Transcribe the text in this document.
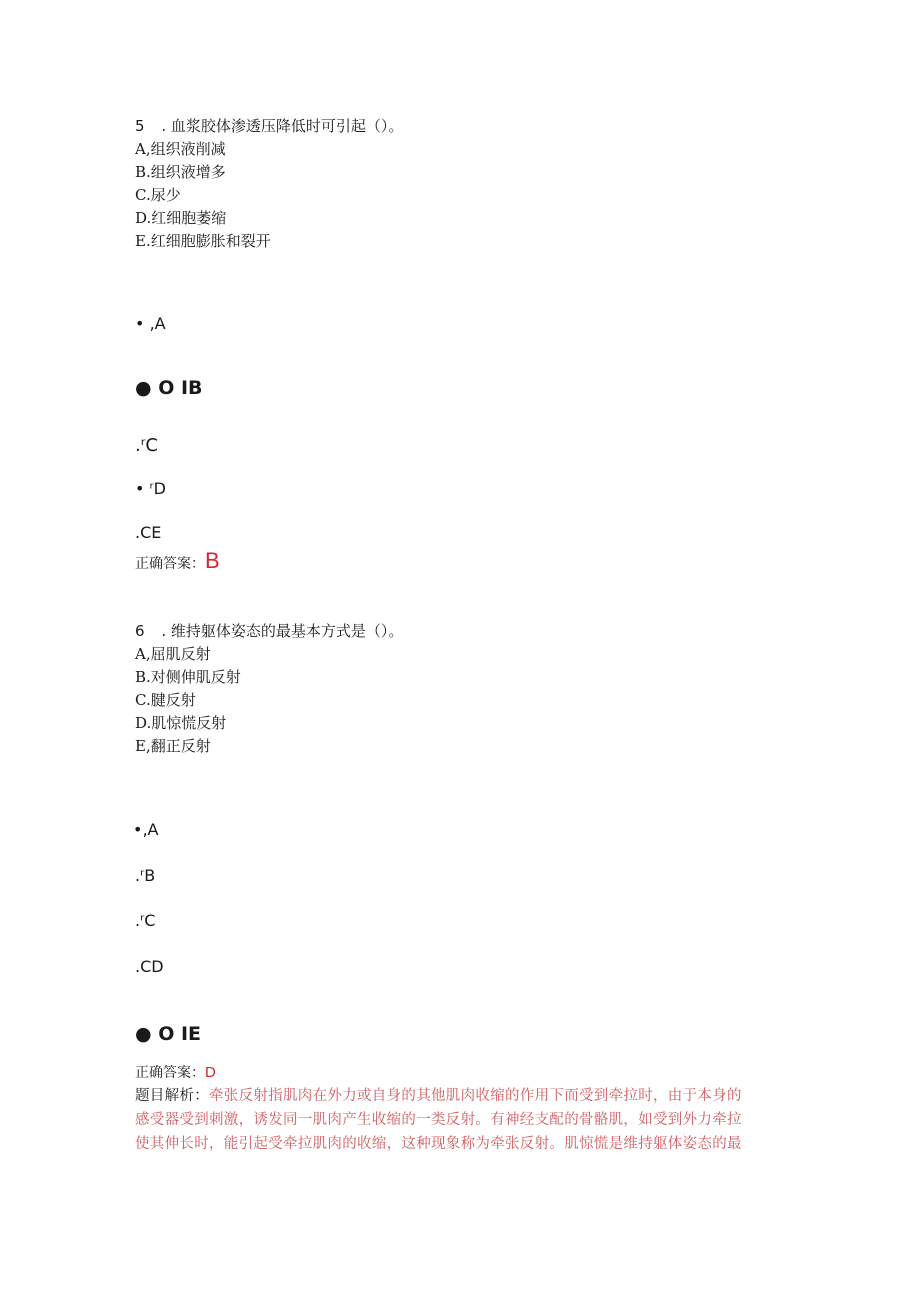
5 . 血浆胶体渗透压降低时可引起（）。
A,组织液削减
B.组织液增多
C.尿少
D.红细胞萎缩
E.红细胞膨胀和裂开
• ‚A
● O IB
.ʳC
• ʳD
.CE
正确答案：B
6 . 维持躯体姿态的最基本方式是（）。
A,屈肌反射
B.对侧伸肌反射
C.腱反射
D.肌惊慌反射
E,翻正反射
•‚A
.ʳB
.ʳC
.CD
● O IE
正确答案：D
题目解析：牵张反射指肌肉在外力或自身的其他肌肉收缩的作用下而受到牵拉时，由于本身的
感受器受到刺激，诱发同一肌肉产生收缩的一类反射。有神经支配的骨骼肌，如受到外力牵拉
使其伸长时，能引起受牵拉肌肉的收缩，这种现象称为牵张反射。肌惊慌是维持躯体姿态的最
